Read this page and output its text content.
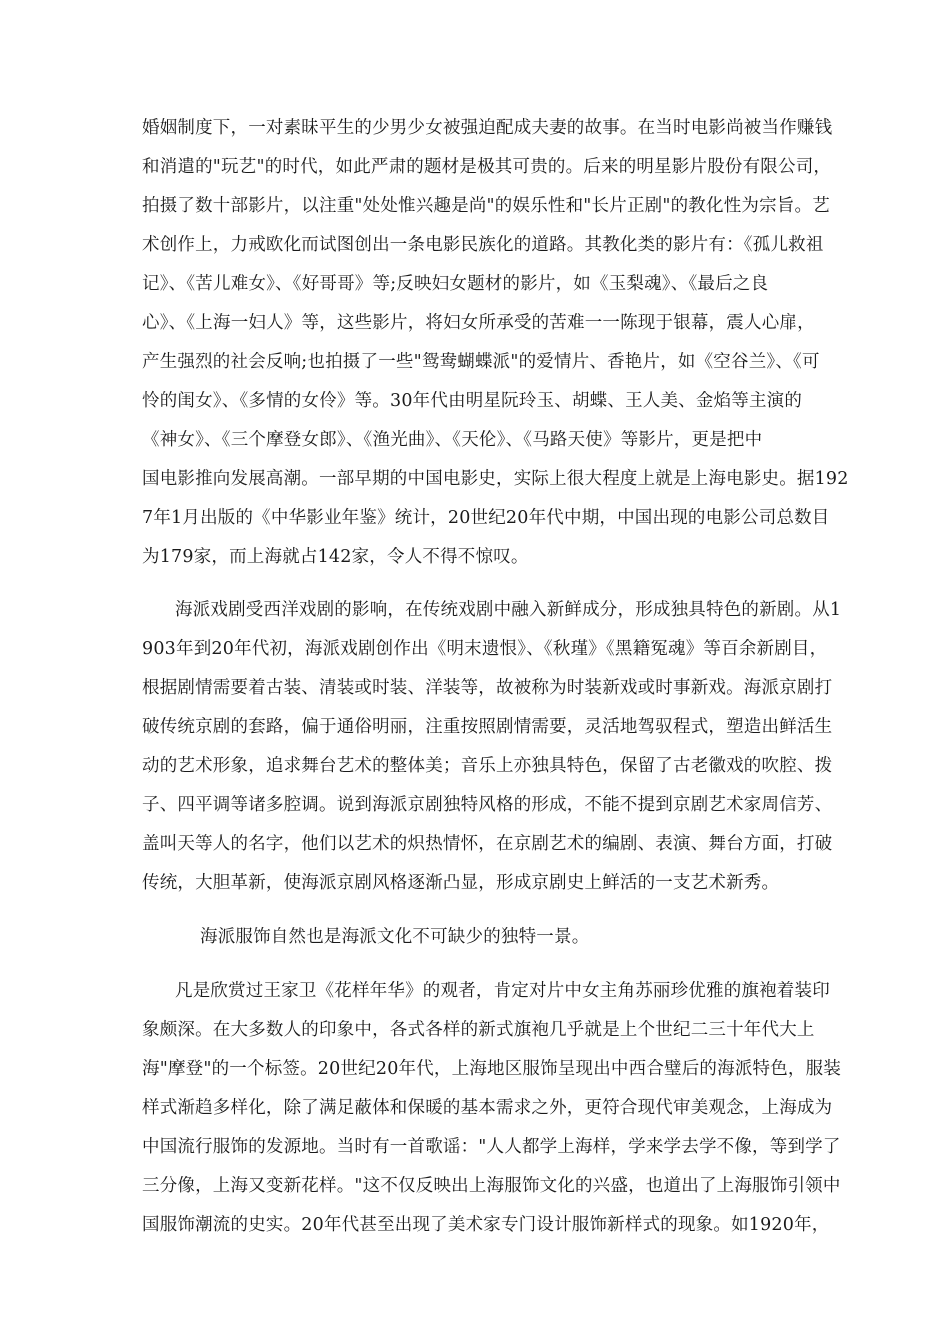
婚姻制度下，一对素昧平生的少男少女被强迫配成夫妻的故事。在当时电影尚被当作赚钱
和消遣的"玩艺"的时代，如此严肃的题材是极其可贵的。后来的明星影片股份有限公司，
拍摄了数十部影片，以注重"处处惟兴趣是尚"的娱乐性和"长片正剧"的教化性为宗旨。艺
术创作上，力戒欧化而试图创出一条电影民族化的道路。其教化类的影片有：《孤儿救祖
记》、《苦儿难女》、《好哥哥》等;反映妇女题材的影片，如《玉梨魂》、《最后之良
心》、《上海一妇人》等，这些影片，将妇女所承受的苦难一一陈现于银幕，震人心扉，
产生强烈的社会反响;也拍摄了一些"鸳鸯蝴蝶派"的爱情片、香艳片，如《空谷兰》、《可
怜的闺女》、《多情的女伶》等。30年代由明星阮玲玉、胡蝶、王人美、金焰等主演的
《神女》、《三个摩登女郎》、《渔光曲》、《天伦》、《马路天使》等影片，更是把中
国电影推向发展高潮。一部早期的中国电影史，实际上很大程度上就是上海电影史。据192
7年1月出版的《中华影业年鉴》统计，20世纪20年代中期，中国出现的电影公司总数目
为179家，而上海就占142家，令人不得不惊叹。
海派戏剧受西洋戏剧的影响，在传统戏剧中融入新鲜成分，形成独具特色的新剧。从1
903年到20年代初，海派戏剧创作出《明末遗恨》、《秋瑾》《黑籍冤魂》等百余新剧目，
根据剧情需要着古装、清装或时装、洋装等，故被称为时装新戏或时事新戏。海派京剧打
破传统京剧的套路，偏于通俗明丽，注重按照剧情需要，灵活地驾驭程式，塑造出鲜活生
动的艺术形象，追求舞台艺术的整体美；音乐上亦独具特色，保留了古老徽戏的吹腔、拨
子、四平调等诸多腔调。说到海派京剧独特风格的形成，不能不提到京剧艺术家周信芳、
盖叫天等人的名字，他们以艺术的炽热情怀，在京剧艺术的编剧、表演、舞台方面，打破
传统，大胆革新，使海派京剧风格逐渐凸显，形成京剧史上鲜活的一支艺术新秀。
海派服饰自然也是海派文化不可缺少的独特一景。
凡是欣赏过王家卫《花样年华》的观者，肯定对片中女主角苏丽珍优雅的旗袍着装印
象颇深。在大多数人的印象中，各式各样的新式旗袍几乎就是上个世纪二三十年代大上
海"摩登"的一个标签。20世纪20年代，上海地区服饰呈现出中西合璧后的海派特色，服装
样式渐趋多样化，除了满足蔽体和保暖的基本需求之外，更符合现代审美观念，上海成为
中国流行服饰的发源地。当时有一首歌谣："人人都学上海样，学来学去学不像，等到学了
三分像，上海又变新花样。"这不仅反映出上海服饰文化的兴盛，也道出了上海服饰引领中
国服饰潮流的史实。20年代甚至出现了美术家专门设计服饰新样式的现象。如1920年，
